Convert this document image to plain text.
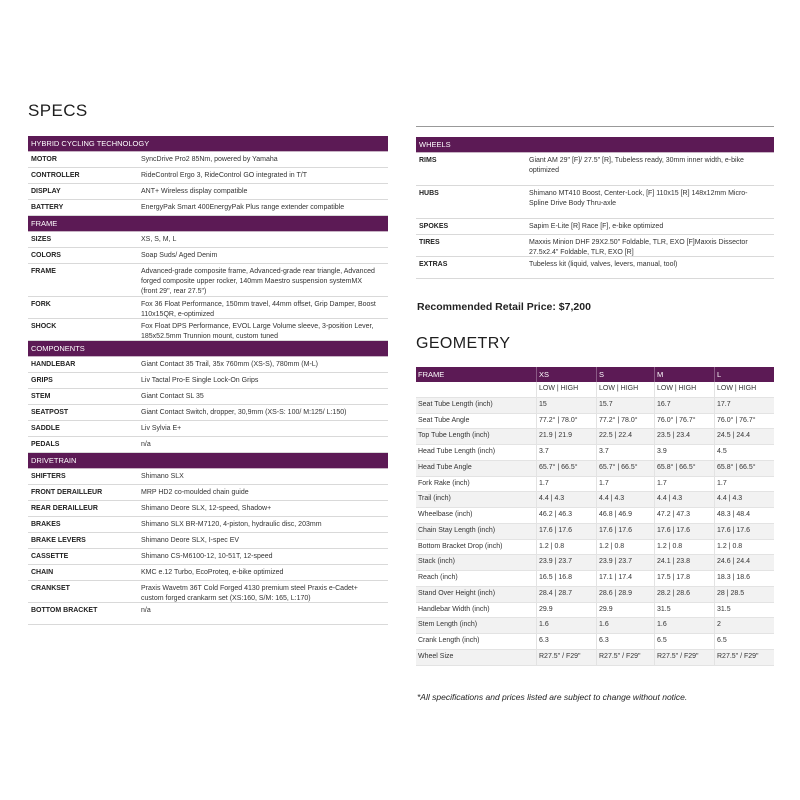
SPECS
HYBRID CYCLING TECHNOLOGY
MOTOR	SyncDrive Pro2 85Nm, powered by Yamaha
CONTROLLER	RideControl Ergo 3, RideControl GO integrated in T/T
DISPLAY	ANT+ Wireless display compatible
BATTERY	EnergyPak Smart 400EnergyPak Plus range extender compatible
FRAME
SIZES	XS, S, M, L
COLORS	Soap Suds/ Aged Denim
FRAME	Advanced-grade composite frame, Advanced-grade rear triangle, Advanced forged composite upper rocker, 140mm Maestro suspension systemMX (front 29", rear 27.5")
FORK	Fox 36 Float Performance, 150mm travel, 44mm offset, Grip Damper, Boost 110x15QR, e-optimized
SHOCK	Fox Float DPS Performance, EVOL Large Volume sleeve, 3-position Lever, 185x52.5mm Trunnion mount, custom tuned
COMPONENTS
HANDLEBAR	Giant Contact 35 Trail, 35x 760mm (XS-S), 780mm (M-L)
GRIPS	Liv Tactal Pro-E Single Lock-On Grips
STEM	Giant Contact SL 35
SEATPOST	Giant Contact Switch, dropper, 30,9mm (XS-S: 100/ M:125/ L:150)
SADDLE	Liv Sylvia E+
PEDALS	n/a
DRIVETRAIN
SHIFTERS	Shimano SLX
FRONT DERAILLEUR	MRP HD2 co-moulded chain guide
REAR DERAILLEUR	Shimano Deore SLX, 12-speed, Shadow+
BRAKES	Shimano SLX BR-M7120, 4-piston, hydraulic disc, 203mm
BRAKE LEVERS	Shimano Deore SLX, I-spec EV
CASSETTE	Shimano CS-M6100-12, 10-51T, 12-speed
CHAIN	KMC e.12 Turbo, EcoProteq, e-bike optimized
CRANKSET	Praxis Wavetm 36T Cold Forged 4130 premium steel Praxis e-Cadet+ custom forged crankarm set (XS:160, S/M: 165, L:170)
BOTTOM BRACKET	n/a
WHEELS
RIMS	Giant AM 29" [F]/ 27.5" [R], Tubeless ready, 30mm inner width, e-bike optimized
HUBS	Shimano MT410 Boost, Center-Lock, [F] 110x15 [R] 148x12mm Micro-Spline Drive Body Thru-axle
SPOKES	Sapim E-Lite [R] Race [F], e-bike optimized
TIRES	Maxxis Minion DHF 29X2.50" Foldable, TLR, EXO [F]Maxxis Dissector 27.5x2.4" Foldable, TLR, EXO [R]
EXTRAS	Tubeless kit (liquid, valves, levers, manual, tool)
Recommended Retail Price: $7,200
GEOMETRY
FRAME	XS	S	M	L
LOW | HIGH	LOW | HIGH	LOW | HIGH	LOW | HIGH
Seat Tube Length (inch)	15	15.7	16.7	17.7
Seat Tube Angle	77.2° | 78.0°	77.2° | 78.0°	76.0° | 76.7°	76.0° | 76.7°
Top Tube Length (inch)	21.9 | 21.9	22.5 | 22.4	23.5 | 23.4	24.5 | 24.4
Head Tube Length (inch)	3.7	3.7	3.9	4.5
Head Tube Angle	65.7° | 66.5°	65.7° | 66.5°	65.8° | 66.5°	65.8° | 66.5°
Fork Rake (inch)	1.7	1.7	1.7	1.7
Trail (inch)	4.4 | 4.3	4.4 | 4.3	4.4 | 4.3	4.4 | 4.3
Wheelbase (inch)	46.2 | 46.3	46.8 | 46.9	47.2 | 47.3	48.3 | 48.4
Chain Stay Length (inch)	17.6 | 17.6	17.6 | 17.6	17.6 | 17.6	17.6 | 17.6
Bottom Bracket Drop (inch)	1.2 | 0.8	1.2 | 0.8	1.2 | 0.8	1.2 | 0.8
Stack (inch)	23.9 | 23.7	23.9 | 23.7	24.1 | 23.8	24.6 | 24.4
Reach (inch)	16.5 | 16.8	17.1 | 17.4	17.5 | 17.8	18.3 | 18.6
Stand Over Height (inch)	28.4 | 28.7	28.6 | 28.9	28.2 | 28.6	28 | 28.5
Handlebar Width (inch)	29.9	29.9	31.5	31.5
Stem Length (inch)	1.6	1.6	1.6	2
Crank Length (inch)	6.3	6.3	6.5	6.5
Wheel Size	R27.5" / F29"	R27.5" / F29"	R27.5" / F29"	R27.5" / F29"
*All specifications and prices listed are subject to change without notice.
